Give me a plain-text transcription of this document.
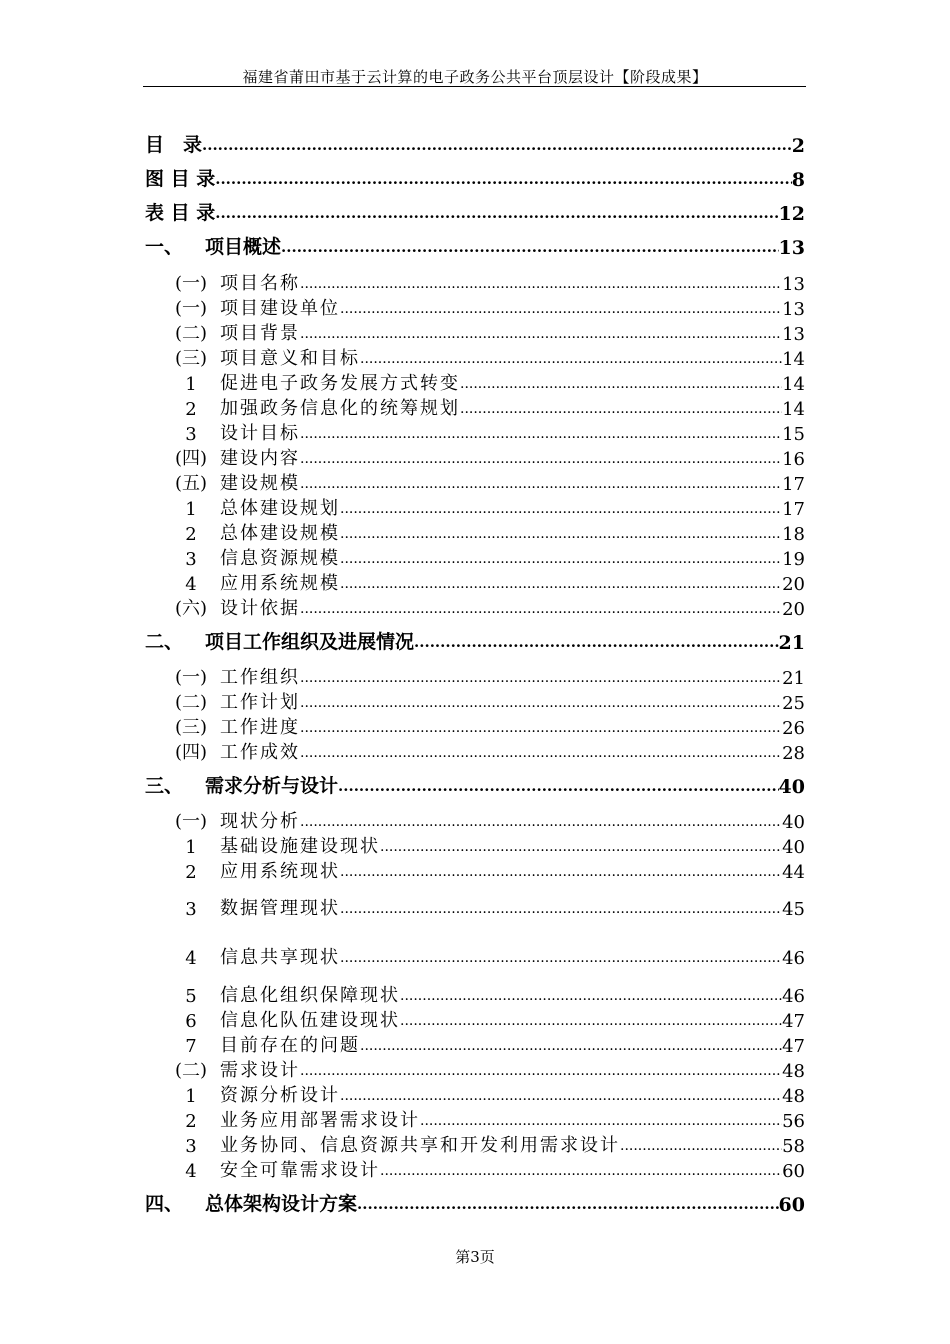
福建省莆田市基于云计算的电子政务公共平台顶层设计【阶段成果】
目　录 .....	2
图 目 录 .....	8
表 目 录 .....	12
一、 项目概述 .....	13
(一) 项目名称 .....	13
(一) 项目建设单位 .....	13
(二) 项目背景 .....	13
(三) 项目意义和目标 .....	14
1	促进电子政务发展方式转变 .....	14
2	加强政务信息化的统筹规划 .....	14
3	设计目标 .....	15
(四) 建设内容 .....	16
(五) 建设规模 .....	17
1	总体建设规划 .....	17
2	总体建设规模 .....	18
3	信息资源规模 .....	19
4	应用系统规模 .....	20
(六) 设计依据 .....	20
二、 项目工作组织及进展情况 .....	21
(一) 工作组织 .....	21
(二) 工作计划 .....	25
(三) 工作进度 .....	26
(四) 工作成效 .....	28
三、 需求分析与设计 .....	40
(一) 现状分析 .....	40
1	基础设施建设现状 .....	40
2	应用系统现状 .....	44
3	数据管理现状 .....	45
4	信息共享现状 .....	46
5	信息化组织保障现状 .....	46
6	信息化队伍建设现状 .....	47
7	目前存在的问题 .....	47
(二) 需求设计 .....	48
1	资源分析设计 .....	48
2	业务应用部署需求设计 .....	56
3	业务协同、信息资源共享和开发利用需求设计 .....	58
4	安全可靠需求设计 .....	60
四、 总体架构设计方案 .....	60
第3页
